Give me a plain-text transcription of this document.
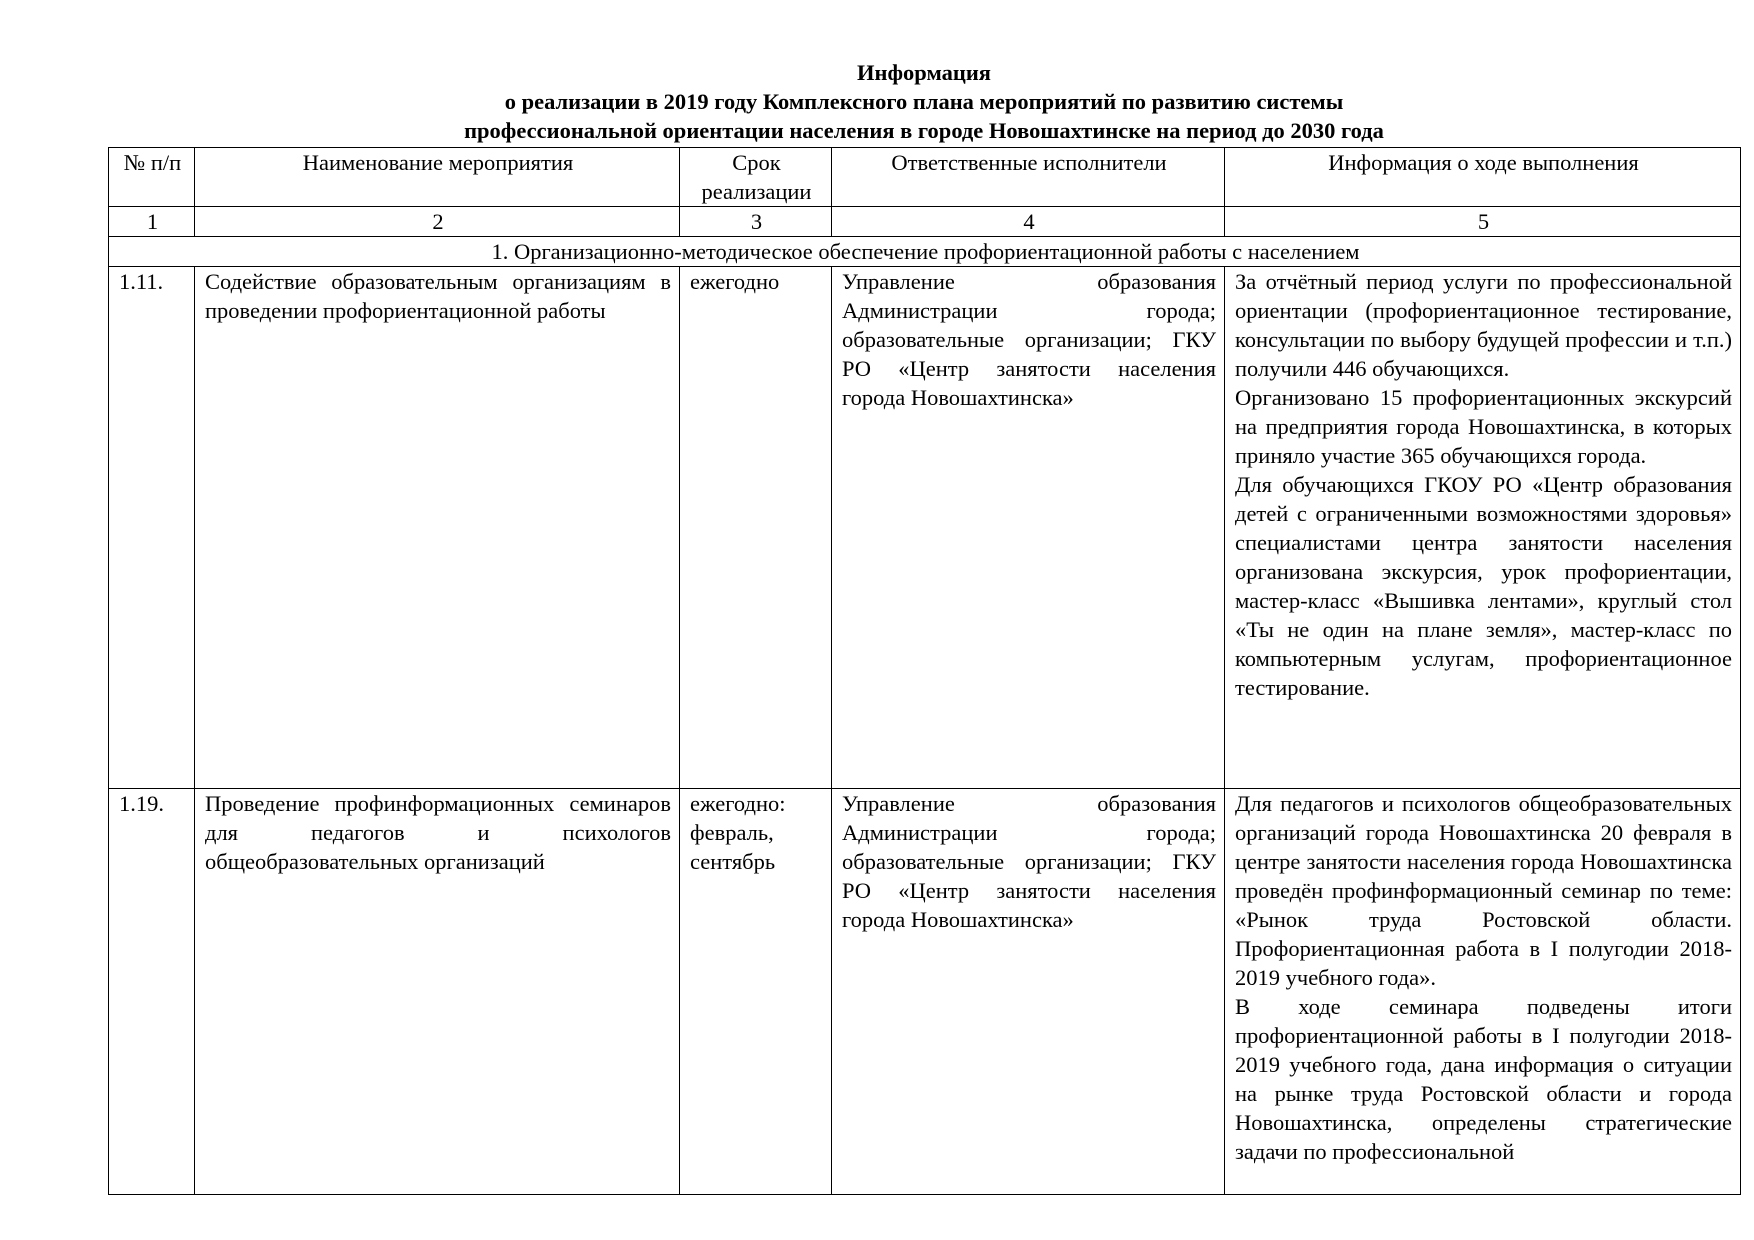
Информация
о реализации в 2019 году Комплексного плана мероприятий по развитию системы
профессиональной ориентации населения в городе Новошахтинске на период до 2030 года
№ п/п	Наименование мероприятия	Срок реализации	Ответственные исполнители	Информация о ходе выполнения
1	2	3	4	5
1. Организационно-методическое обеспечение профориентационной работы с населением				
1.11.	Содействие образовательным организациям в проведении профориентационной работы	ежегодно	Управление образования Администрации города; образовательные организации; ГКУ РО «Центр занятости населения города Новошахтинска»	За отчётный период услуги по профессиональной ориентации (профориентационное тестирование, консультации по выбору будущей профессии и т.п.) получили 446 обучающихся.
Организовано 15 профориентационных экскурсий на предприятия города Новошахтинска, в которых приняло участие 365 обучающихся города.
Для обучающихся ГКОУ РО «Центр образования детей с ограниченными возможностями здоровья» специалистами центра занятости населения организована экскурсия, урок профориентации, мастер-класс «Вышивка лентами», круглый стол «Ты не один на плане земля», мастер-класс по компьютерным услугам, профориентационное тестирование.

1.19.	Проведение профинформационных семинаров для педагогов и психологов общеобразовательных организаций	ежегодно: февраль, сентябрь	Управление образования Администрации города; образовательные организации; ГКУ РО «Центр занятости населения города Новошахтинска»	Для педагогов и психологов общеобразовательных организаций города Новошахтинска 20 февраля в центре занятости населения города Новошахтинска проведён профинформационный семинар по теме: «Рынок труда Ростовской области. Профориентационная работа в I полугодии 2018-2019 учебного года».
В ходе семинара подведены итоги профориентационной работы в I полугодии 2018-2019 учебного года, дана информация о ситуации на рынке труда Ростовской области и города Новошахтинска, определены стратегические задачи по профессиональной
